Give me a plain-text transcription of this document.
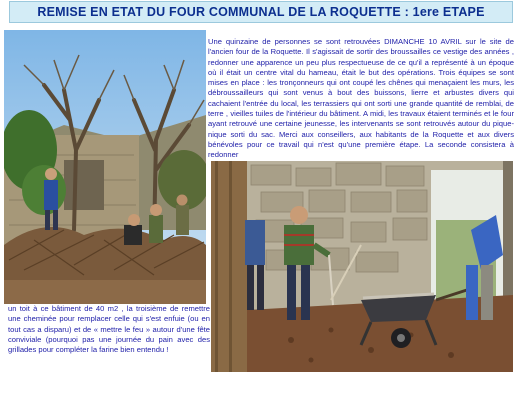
REMISE EN ETAT DU FOUR COMMUNAL DE LA ROQUETTE : 1ere ETAPE

Une quinzaine de personnes se sont retrouvées DIMANCHE 10 AVRIL sur le site de l'ancien four de la Roquette. Il s'agissait de sortir des broussailles ce vestige des années , redonner une apparence un peu plus respectueuse de ce qu'il a représenté à un époque où il était un centre vital du hameau, était le but des opérations. Trois équipes se sont mises en place : les tronçonneurs qui ont coupé les chênes qui menaçaient les murs, les débroussailleurs qui sont venus à bout des buissons, lierre et arbustes divers qui cachaient l'entrée du local, les terrassiers qui ont sorti une grande quantité de remblai, de terre , vieilles tuiles de l'intérieur du bâtiment. A midi, les travaux étaient terminés et le four ayant retrouvé une certaine jeunesse, les intervenants se sont retrouvés autour du pique-nique sorti du sac. Merci aux conseillers, aux habitants de la Roquette et aux divers bénévoles pour ce travail qui n'est qu'une première étape. La seconde consistera à redonner

un toit à ce bâtiment de 40 m2 , la troisième de remettre une cheminée pour remplacer celle qui s'est enfuie (ou en tout cas a disparu) et de « mettre le feu » autour d'une fête conviviale (pourquoi pas une journée du pain avec des grillades pour compléter la farine bien entendu !
